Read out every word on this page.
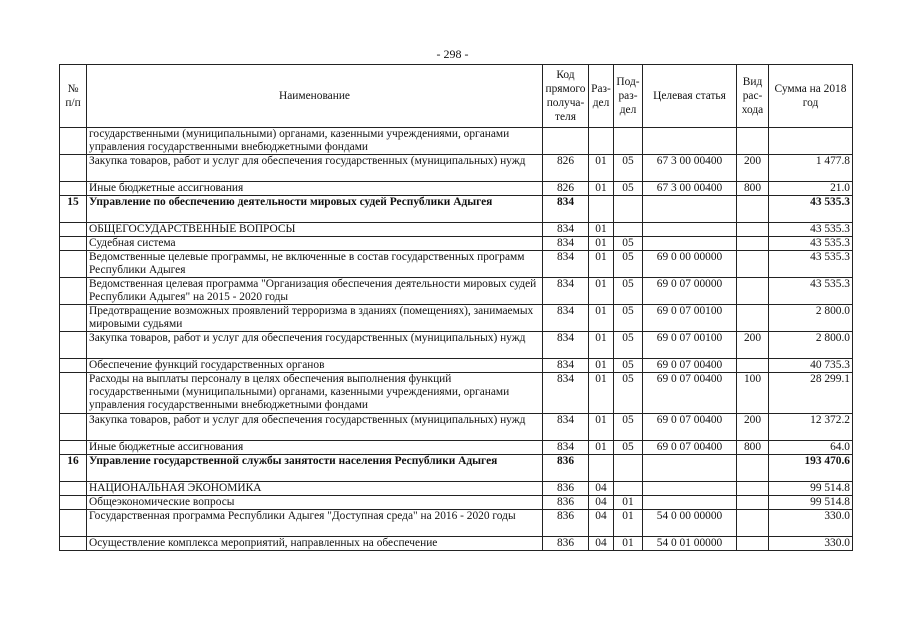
- 298 -
№ п/п	Наименование	Код прямого получа-теля	Раз-дел	Под-раз-дел	Целевая статья	Вид рас-хода	Сумма на 2018 год
	государственными (муниципальными) органами, казенными учреждениями, органами управления государственными внебюджетными фондами						
	Закупка товаров, работ и услуг для обеспечения государственных (муниципальных) нужд	826	01	05	67 3 00 00400	200	1 477.8
	Иные бюджетные ассигнования	826	01	05	67 3 00 00400	800	21.0
15	Управление по обеспечению деятельности мировых судей Республики Адыгея	834					43 535.3
	ОБЩЕГОСУДАРСТВЕННЫЕ ВОПРОСЫ	834	01				43 535.3
	Судебная система	834	01	05			43 535.3
	Ведомственные целевые программы, не включенные в состав государственных программ Республики Адыгея	834	01	05	69 0 00 00000		43 535.3
	Ведомственная целевая программа "Организация обеспечения деятельности мировых судей Республики Адыгея" на 2015 - 2020 годы	834	01	05	69 0 07 00000		43 535.3
	Предотвращение возможных проявлений терроризма в зданиях (помещениях), занимаемых мировыми судьями	834	01	05	69 0 07 00100		2 800.0
	Закупка товаров, работ и услуг для обеспечения государственных (муниципальных) нужд	834	01	05	69 0 07 00100	200	2 800.0
	Обеспечение функций государственных органов	834	01	05	69 0 07 00400		40 735.3
	Расходы на выплаты персоналу в целях обеспечения выполнения функций государственными (муниципальными) органами, казенными учреждениями, органами управления государственными внебюджетными фондами	834	01	05	69 0 07 00400	100	28 299.1
	Закупка товаров, работ и услуг для обеспечения государственных (муниципальных) нужд	834	01	05	69 0 07 00400	200	12 372.2
	Иные бюджетные ассигнования	834	01	05	69 0 07 00400	800	64.0
16	Управление государственной службы занятости населения Республики Адыгея	836					193 470.6
	НАЦИОНАЛЬНАЯ ЭКОНОМИКА	836	04				99 514.8
	Общеэкономические вопросы	836	04	01			99 514.8
	Государственная программа Республики Адыгея "Доступная среда" на 2016 - 2020 годы	836	04	01	54 0 00 00000		330.0
	Осуществление комплекса мероприятий, направленных на обеспечение	836	04	01	54 0 01 00000		330.0
